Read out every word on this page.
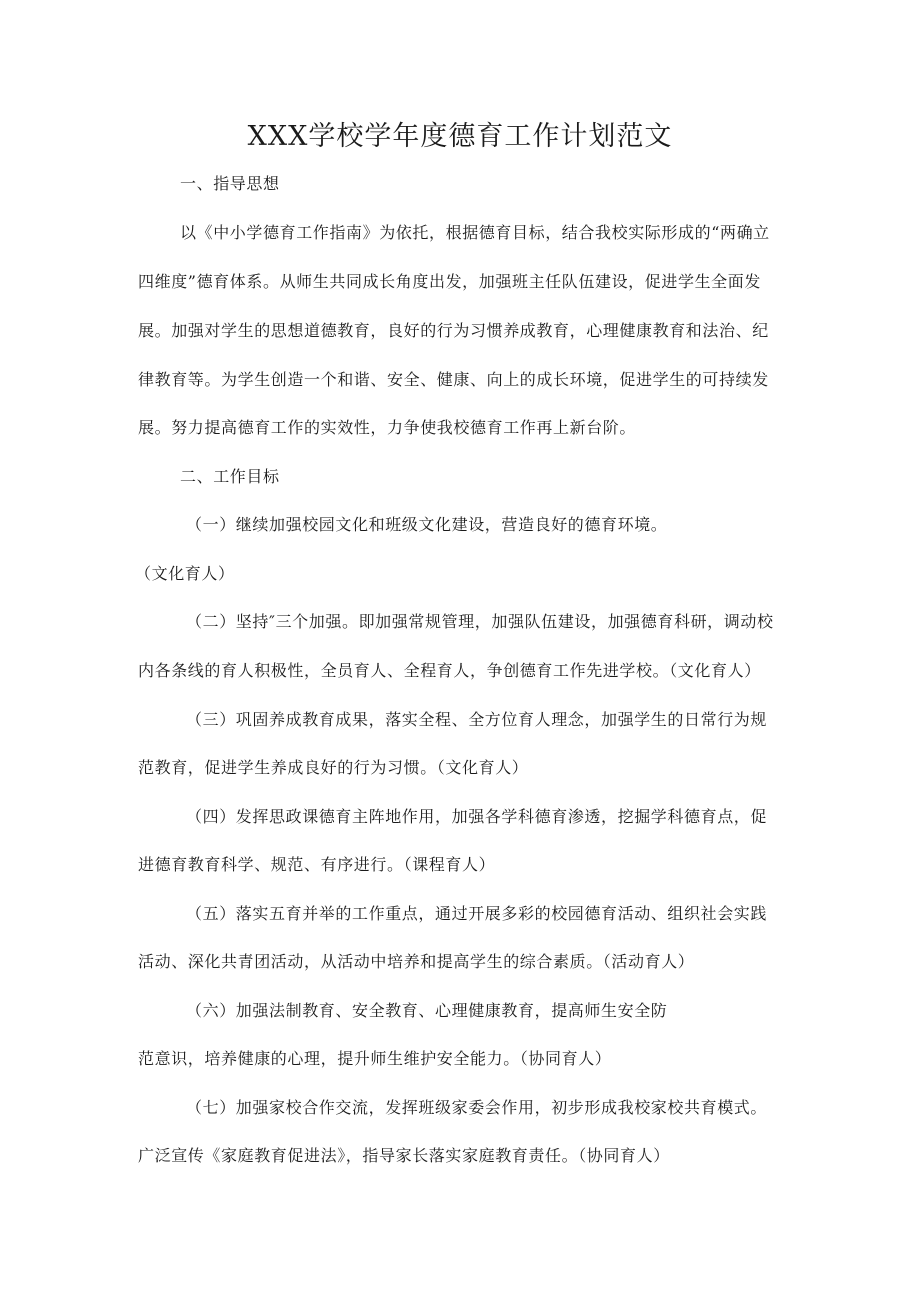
XXX学校学年度德育工作计划范文
一、指导思想
以《中小学德育工作指南》为依托，根据德育目标，结合我校实际形成的“两确立
四维度”德育体系。从师生共同成长角度出发，加强班主任队伍建设，促进学生全面发
展。加强对学生的思想道德教育，良好的行为习惯养成教育，心理健康教育和法治、纪
律教育等。为学生创造一个和谐、安全、健康、向上的成长环境，促进学生的可持续发
展。努力提高德育工作的实效性，力争使我校德育工作再上新台阶。
二、工作目标
（一）继续加强校园文化和班级文化建设，营造良好的德育环境。
（文化育人）
（二）坚持″三个加强。即加强常规管理，加强队伍建设，加强德育科研，调动校
内各条线的育人积极性，全员育人、全程育人，争创德育工作先进学校。（文化育人）
（三）巩固养成教育成果，落实全程、全方位育人理念，加强学生的日常行为规
范教育，促进学生养成良好的行为习惯。（文化育人）
（四）发挥思政课德育主阵地作用，加强各学科德育渗透，挖掘学科德育点，促
进德育教育科学、规范、有序进行。（课程育人）
（五）落实五育并举的工作重点，通过开展多彩的校园德育活动、组织社会实践
活动、深化共青团活动，从活动中培养和提高学生的综合素质。（活动育人）
（六）加强法制教育、安全教育、心理健康教育，提高师生安全防
范意识，培养健康的心理，提升师生维护安全能力。（协同育人）
（七）加强家校合作交流，发挥班级家委会作用，初步形成我校家校共育模式。
广泛宣传《家庭教育促进法》，指导家长落实家庭教育责任。（协同育人）
